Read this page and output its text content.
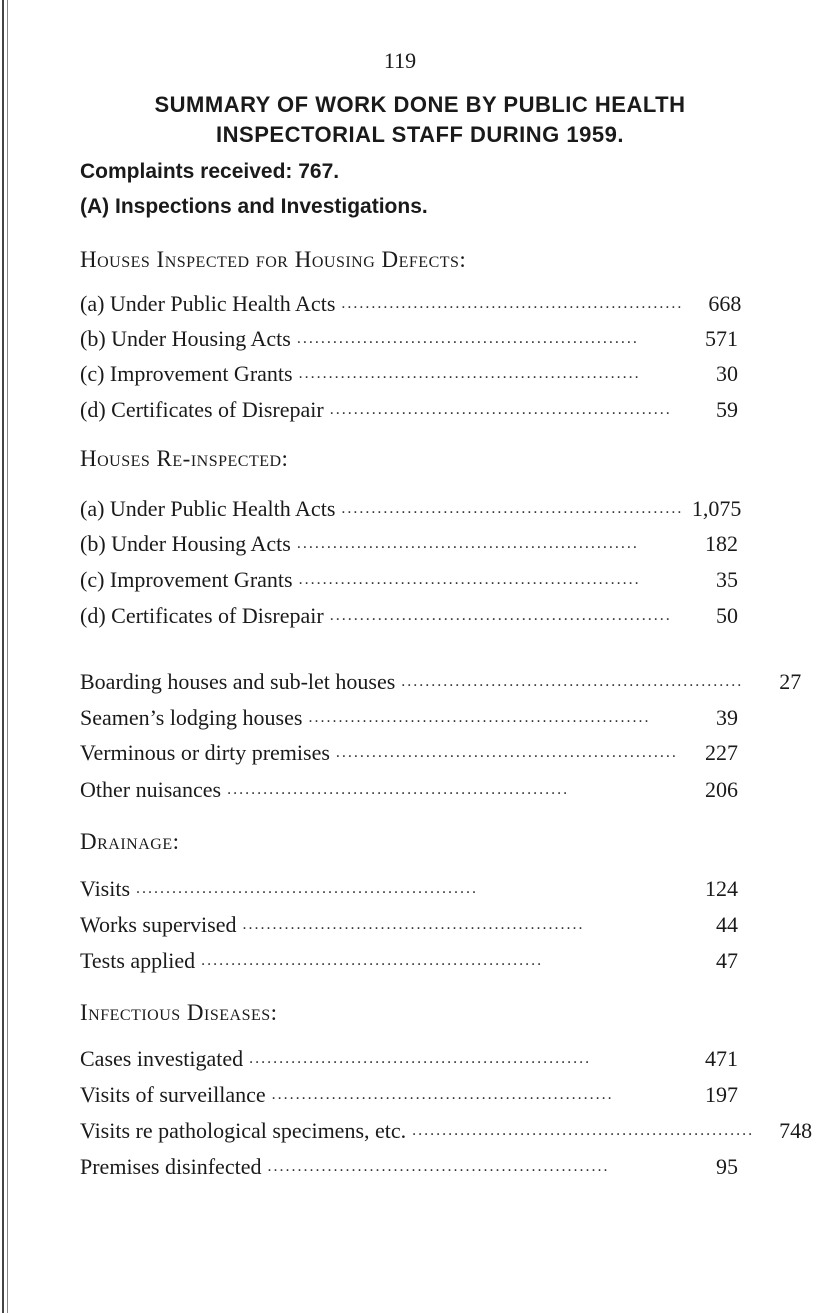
119
SUMMARY OF WORK DONE BY PUBLIC HEALTH
INSPECTORIAL STAFF DURING 1959.
Complaints received: 767.
(A) Inspections and Investigations.
Houses Inspected for Housing Defects:
(a) Under Public Health Acts .........................................................	668
(b) Under Housing Acts .........................................................	571
(c) Improvement Grants .........................................................	30
(d) Certificates of Disrepair .........................................................	59
Houses Re-inspected:
(a) Under Public Health Acts ......................................................... 1,075
(b) Under Housing Acts .........................................................	182
(c) Improvement Grants .........................................................	35
(d) Certificates of Disrepair .........................................................	50
Boarding houses and sub-let houses .........................................................	27
Seamen’s lodging houses .........................................................	39
Verminous or dirty premises .........................................................	227
Other nuisances .........................................................	206
Drainage:
Visits .........................................................	124
Works supervised .........................................................	44
Tests applied .........................................................	47
Infectious Diseases:
Cases investigated .........................................................	471
Visits of surveillance .........................................................	197
Visits re pathological specimens, etc. .........................................................	748
Premises disinfected .........................................................	95
